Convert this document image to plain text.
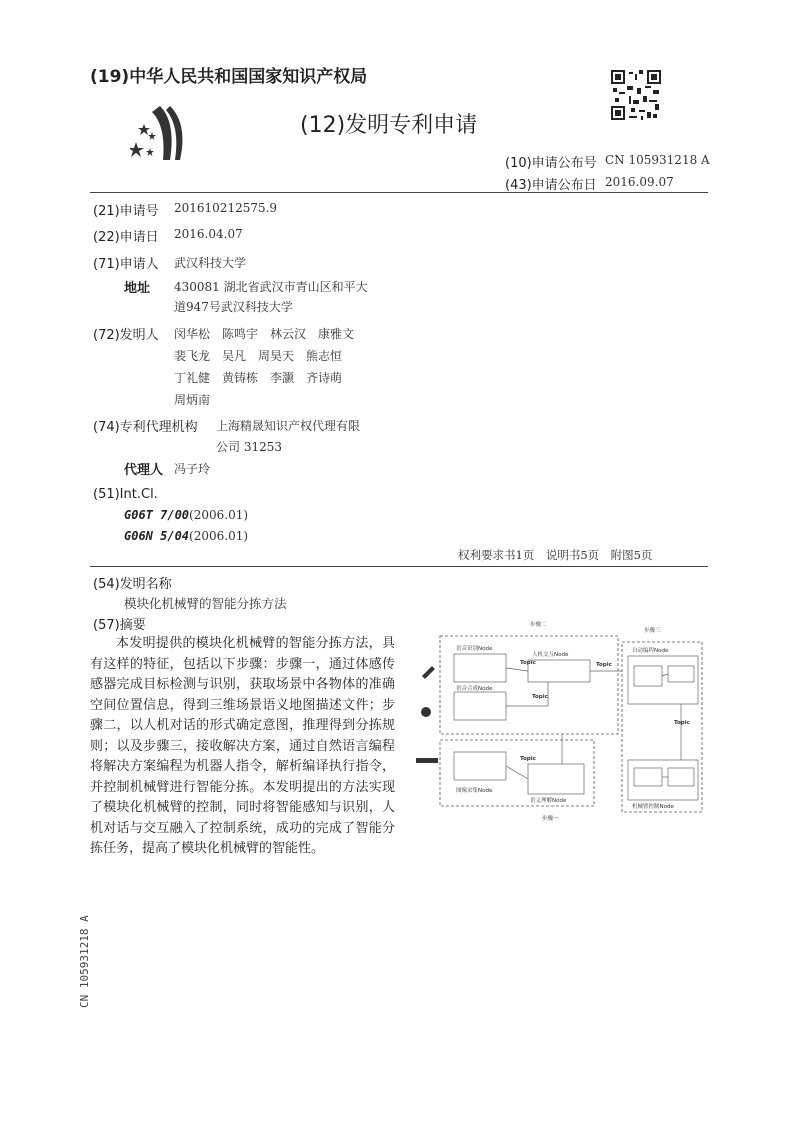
(19)中华人民共和国国家知识产权局
(12)发明专利申请
(10)申请公布号 CN 105931218 A
(43)申请公布日 2016.09.07
(21)申请号 201610212575.9
(22)申请日 2016.04.07
(71)申请人 武汉科技大学
地址 430081 湖北省武汉市青山区和平大
道947号武汉科技大学
(72)发明人 闵华松　陈鸣宇　林云汉　康雅文
裴飞龙　吴凡　周昊天　熊志恒
丁礼健　黄铸栋　李灏　齐诗萌
周炳南
(74)专利代理机构 上海精晟知识产权代理有限
公司 31253
代理人 冯子玲
(51)Int.Cl.
G06T 7/00(2006.01)
G06N 5/04(2006.01)
权利要求书1页　说明书5页　附图5页
(54)发明名称
模块化机械臂的智能分拣方法
(57)摘要

本发明提供的模块化机械臂的智能分拣方法，具有这样的特征，包括以下步骤：步骤一，通过体感传感器完成目标检测与识别，获取场景中各物体的准确空间位置信息，得到三维场景语义地图描述文件；步骤二，以人机对话的形式确定意图，推理得到分拣规则；以及步骤三，接收解决方案，通过自然语言编程将解决方案编程为机器人指令，解析编译执行指令，并控制机械臂进行智能分拣。本发明提出的方法实现了模块化机械臂的控制，同时将智能感知与识别，人机对话与交互融入了控制系统，成功的完成了智能分拣任务，提高了模块化机械臂的智能性。

步骤二
步骤三
步骤一
语音识别Node
人机交互Node
语音合成Node
图像采集Node
语义理解Node
自动编程Node
机械臂控制Node
Topic
Topic
Topic
Topic
Topic
CN 105931218 A
